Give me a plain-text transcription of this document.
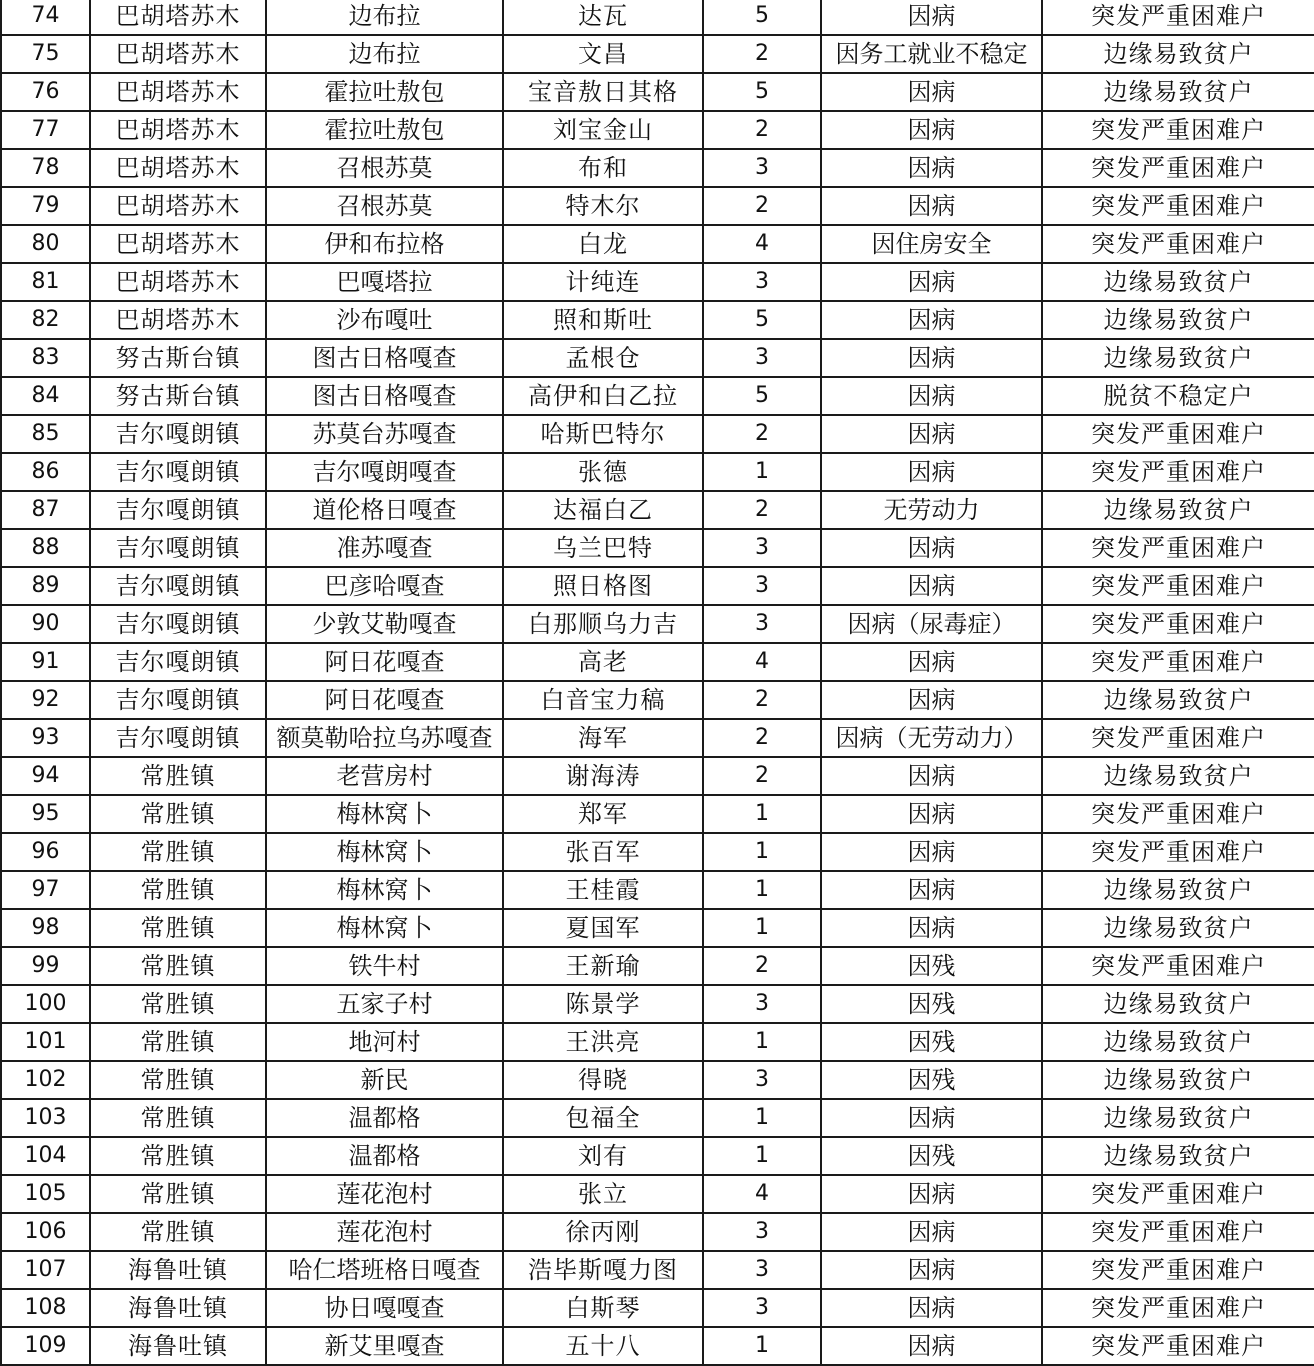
74	巴胡塔苏木	边布拉	达瓦	5	因病	突发严重困难户
75	巴胡塔苏木	边布拉	文昌	2	因务工就业不稳定	边缘易致贫户
76	巴胡塔苏木	霍拉吐敖包	宝音敖日其格	5	因病	边缘易致贫户
77	巴胡塔苏木	霍拉吐敖包	刘宝金山	2	因病	突发严重困难户
78	巴胡塔苏木	召根苏莫	布和	3	因病	突发严重困难户
79	巴胡塔苏木	召根苏莫	特木尔	2	因病	突发严重困难户
80	巴胡塔苏木	伊和布拉格	白龙	4	因住房安全	突发严重困难户
81	巴胡塔苏木	巴嘎塔拉	计纯连	3	因病	边缘易致贫户
82	巴胡塔苏木	沙布嘎吐	照和斯吐	5	因病	边缘易致贫户
83	努古斯台镇	图古日格嘎查	孟根仓	3	因病	边缘易致贫户
84	努古斯台镇	图古日格嘎查	高伊和白乙拉	5	因病	脱贫不稳定户
85	吉尔嘎朗镇	苏莫台苏嘎查	哈斯巴特尔	2	因病	突发严重困难户
86	吉尔嘎朗镇	吉尔嘎朗嘎查	张德	1	因病	突发严重困难户
87	吉尔嘎朗镇	道伦格日嘎查	达福白乙	2	无劳动力	边缘易致贫户
88	吉尔嘎朗镇	准苏嘎查	乌兰巴特	3	因病	突发严重困难户
89	吉尔嘎朗镇	巴彦哈嘎查	照日格图	3	因病	突发严重困难户
90	吉尔嘎朗镇	少敦艾勒嘎查	白那顺乌力吉	3	因病（尿毒症）	突发严重困难户
91	吉尔嘎朗镇	阿日花嘎查	高老	4	因病	突发严重困难户
92	吉尔嘎朗镇	阿日花嘎查	白音宝力稿	2	因病	边缘易致贫户
93	吉尔嘎朗镇	额莫勒哈拉乌苏嘎查	海军	2	因病（无劳动力）	突发严重困难户
94	常胜镇	老营房村	谢海涛	2	因病	边缘易致贫户
95	常胜镇	梅林窝卜	郑军	1	因病	突发严重困难户
96	常胜镇	梅林窝卜	张百军	1	因病	突发严重困难户
97	常胜镇	梅林窝卜	王桂霞	1	因病	边缘易致贫户
98	常胜镇	梅林窝卜	夏国军	1	因病	边缘易致贫户
99	常胜镇	铁牛村	王新瑜	2	因残	突发严重困难户
100	常胜镇	五家子村	陈景学	3	因残	边缘易致贫户
101	常胜镇	地河村	王洪亮	1	因残	边缘易致贫户
102	常胜镇	新民	得晓	3	因残	边缘易致贫户
103	常胜镇	温都格	包福全	1	因病	边缘易致贫户
104	常胜镇	温都格	刘有	1	因残	边缘易致贫户
105	常胜镇	莲花泡村	张立	4	因病	突发严重困难户
106	常胜镇	莲花泡村	徐丙刚	3	因病	突发严重困难户
107	海鲁吐镇	哈仁塔班格日嘎查	浩毕斯嘎力图	3	因病	突发严重困难户
108	海鲁吐镇	协日嘎嘎查	白斯琴	3	因病	突发严重困难户
109	海鲁吐镇	新艾里嘎查	五十八	1	因病	突发严重困难户
